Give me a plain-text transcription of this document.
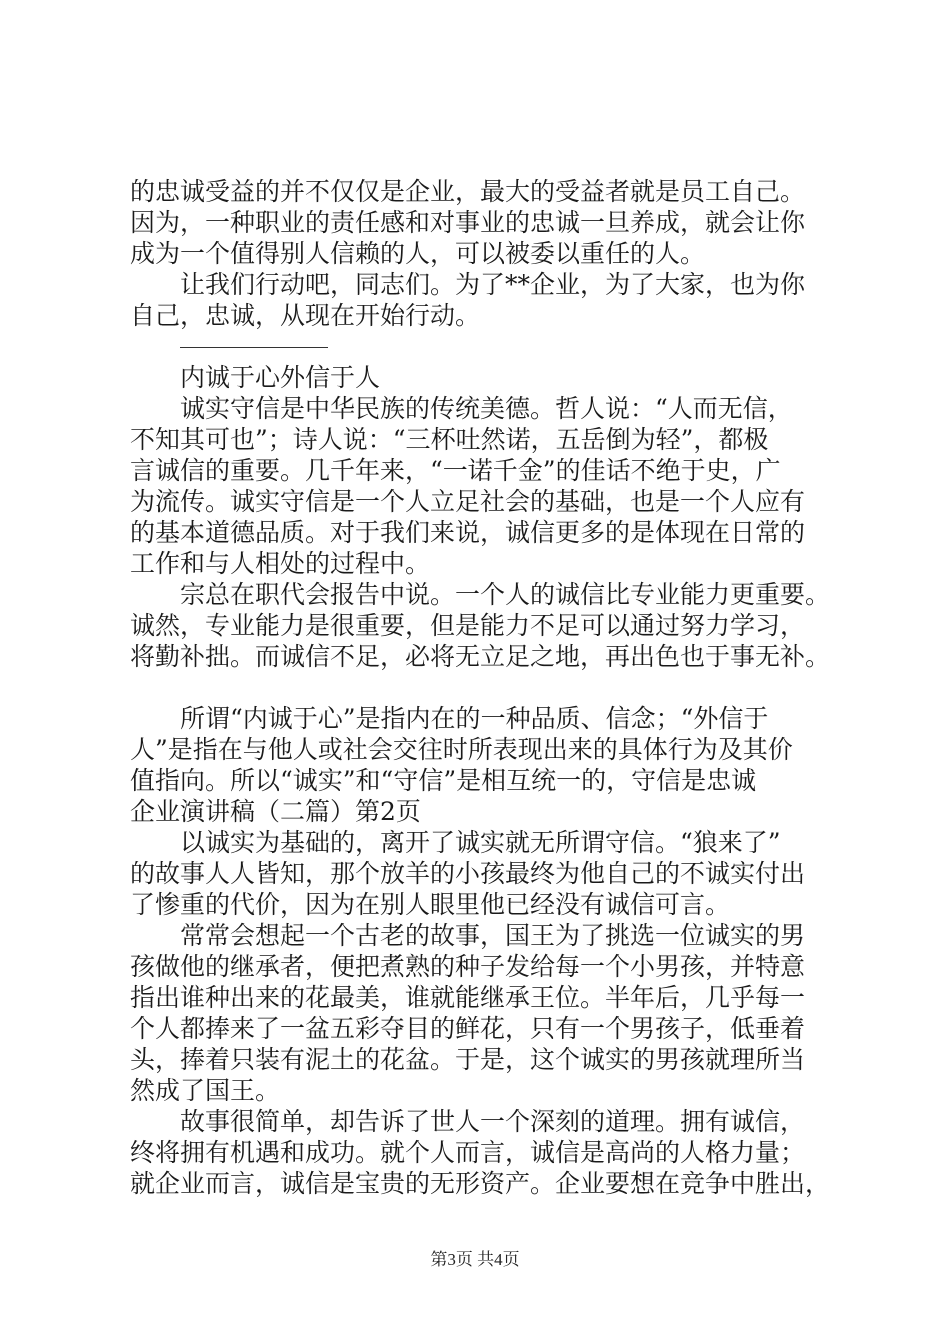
的忠诚受益的并不仅仅是企业，最大的受益者就是员工自己。
因为，一种职业的责任感和对事业的忠诚一旦养成，就会让你
成为一个值得别人信赖的人，可以被委以重任的人。
让我们行动吧，同志们。为了**企业，为了大家，也为你
自己，忠诚，从现在开始行动。
内诚于心外信于人
诚实守信是中华民族的传统美德。哲人说：“人而无信，
不知其可也”；诗人说：“三杯吐然诺，五岳倒为轻”，都极
言诚信的重要。几千年来，“一诺千金”的佳话不绝于史，广
为流传。诚实守信是一个人立足社会的基础，也是一个人应有
的基本道德品质。对于我们来说，诚信更多的是体现在日常的
工作和与人相处的过程中。
宗总在职代会报告中说。一个人的诚信比专业能力更重要。
诚然，专业能力是很重要，但是能力不足可以通过努力学习，
将勤补拙。而诚信不足，必将无立足之地，再出色也于事无补。
所谓“内诚于心”是指内在的一种品质、信念；“外信于
人”是指在与他人或社会交往时所表现出来的具体行为及其价
值指向。所以“诚实”和“守信”是相互统一的，守信是忠诚
企业演讲稿（二篇）第2页
以诚实为基础的，离开了诚实就无所谓守信。“狼来了”
的故事人人皆知，那个放羊的小孩最终为他自己的不诚实付出
了惨重的代价，因为在别人眼里他已经没有诚信可言。
常常会想起一个古老的故事，国王为了挑选一位诚实的男
孩做他的继承者，便把煮熟的种子发给每一个小男孩，并特意
指出谁种出来的花最美，谁就能继承王位。半年后，几乎每一
个人都捧来了一盆五彩夺目的鲜花，只有一个男孩子，低垂着
头，捧着只装有泥土的花盆。于是，这个诚实的男孩就理所当
然成了国王。
故事很简单，却告诉了世人一个深刻的道理。拥有诚信，
终将拥有机遇和成功。就个人而言，诚信是高尚的人格力量；
就企业而言，诚信是宝贵的无形资产。企业要想在竞争中胜出，
第3页 共4页
